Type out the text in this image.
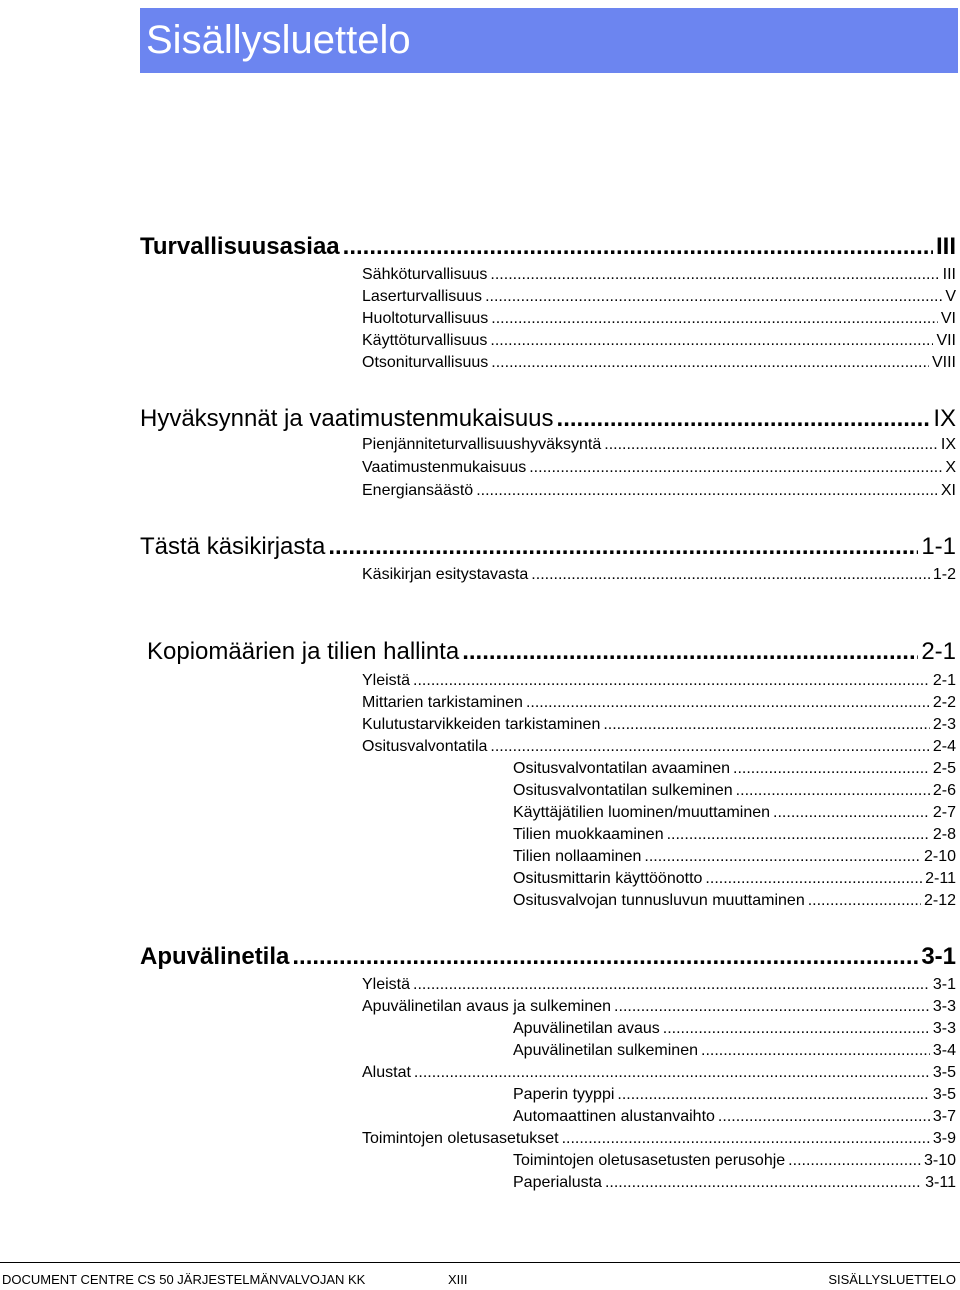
Sisällysluettelo
Turvallisuusasiaa .....	III
Sähköturvallisuus .....	III
Laserturvallisuus .....	V
Huoltoturvallisuus .....	VI
Käyttöturvallisuus .....	VII
Otsoniturvallisuus .....	VIII
Hyväksynnät ja vaatimustenmukaisuus .....	IX
Pienjänniteturvallisuushyväksyntä .....	IX
Vaatimustenmukaisuus .....	X
Energiansäästö .....	XI
Tästä käsikirjasta .....	1-1
Käsikirjan esitystavasta .....	1-2
Kopiomäärien ja tilien hallinta .....	2-1
Yleistä .....	2-1
Mittarien tarkistaminen .....	2-2
Kulutustarvikkeiden tarkistaminen .....	2-3
Ositusvalvontatila .....	2-4
Ositusvalvontatilan avaaminen .....	2-5
Ositusvalvontatilan sulkeminen .....	2-6
Käyttäjätilien luominen/muuttaminen .....	2-7
Tilien muokkaaminen .....	2-8
Tilien nollaaminen .....	2-10
Ositusmittarin käyttöönotto .....	2-11
Ositusvalvojan tunnusluvun muuttaminen .....	2-12
Apuvälinetila .....	3-1
Yleistä .....	3-1
Apuvälinetilan avaus ja sulkeminen .....	3-3
Apuvälinetilan avaus .....	3-3
Apuvälinetilan sulkeminen .....	3-4
Alustat .....	3-5
Paperin tyyppi .....	3-5
Automaattinen alustanvaihto .....	3-7
Toimintojen oletusasetukset .....	3-9
Toimintojen oletusasetusten perusohje .....	3-10
Paperialusta .....	3-11
DOCUMENT CENTRE CS 50 JÄRJESTELMÄNVALVOJAN KK	XIII	SISÄLLYSLUETTELO
